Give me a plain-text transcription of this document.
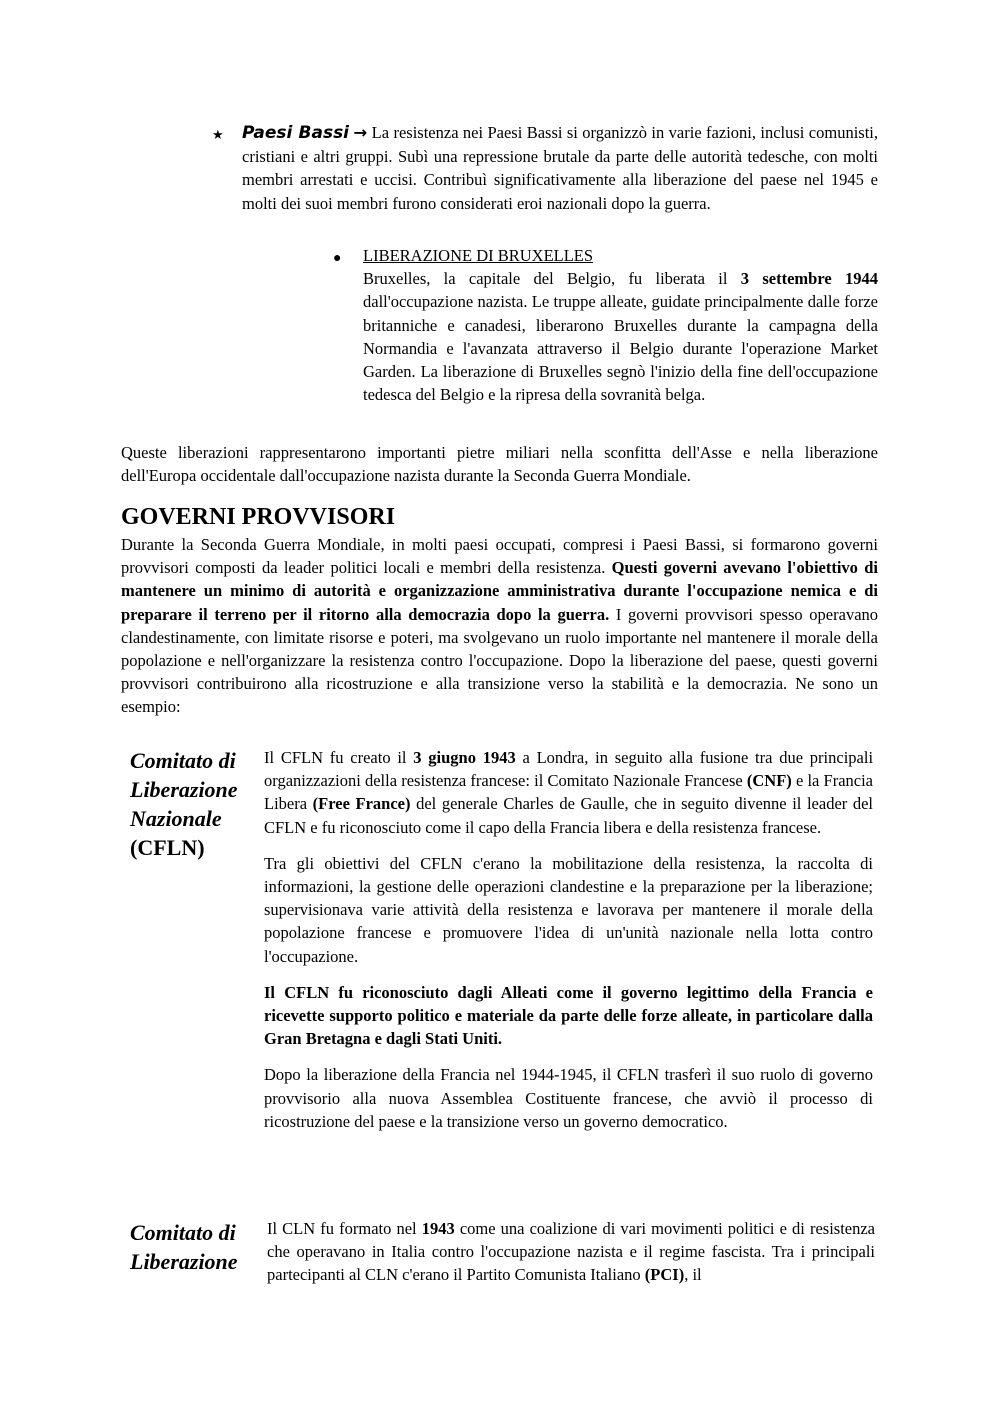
★ Paesi Bassi → La resistenza nei Paesi Bassi si organizzò in varie fazioni, inclusi comunisti, cristiani e altri gruppi. Subì una repressione brutale da parte delle autorità tedesche, con molti membri arrestati e uccisi. Contribuì significativamente alla liberazione del paese nel 1945 e molti dei suoi membri furono considerati eroi nazionali dopo la guerra.
● LIBERAZIONE DI BRUXELLES
Bruxelles, la capitale del Belgio, fu liberata il 3 settembre 1944 dall'occupazione nazista. Le truppe alleate, guidate principalmente dalle forze britanniche e canadesi, liberarono Bruxelles durante la campagna della Normandia e l'avanzata attraverso il Belgio durante l'operazione Market Garden. La liberazione di Bruxelles segnò l'inizio della fine dell'occupazione tedesca del Belgio e la ripresa della sovranità belga.
Queste liberazioni rappresentarono importanti pietre miliari nella sconfitta dell'Asse e nella liberazione dell'Europa occidentale dall'occupazione nazista durante la Seconda Guerra Mondiale.
GOVERNI PROVVISORI
Durante la Seconda Guerra Mondiale, in molti paesi occupati, compresi i Paesi Bassi, si formarono governi provvisori composti da leader politici locali e membri della resistenza. Questi governi avevano l'obiettivo di mantenere un minimo di autorità e organizzazione amministrativa durante l'occupazione nemica e di preparare il terreno per il ritorno alla democrazia dopo la guerra. I governi provvisori spesso operavano clandestinamente, con limitate risorse e poteri, ma svolgevano un ruolo importante nel mantenere il morale della popolazione e nell'organizzare la resistenza contro l'occupazione. Dopo la liberazione del paese, questi governi provvisori contribuirono alla ricostruzione e alla transizione verso la stabilità e la democrazia. Ne sono un esempio:
Comitato di
Liberazione
Nazionale
(CFLN)

Il CFLN fu creato il 3 giugno 1943 a Londra, in seguito alla fusione tra due principali organizzazioni della resistenza francese: il Comitato Nazionale Francese (CNF) e la Francia Libera (Free France) del generale Charles de Gaulle, che in seguito divenne il leader del CFLN e fu riconosciuto come il capo della Francia libera e della resistenza francese.

Tra gli obiettivi del CFLN c'erano la mobilitazione della resistenza, la raccolta di informazioni, la gestione delle operazioni clandestine e la preparazione per la liberazione; supervisionava varie attività della resistenza e lavorava per mantenere il morale della popolazione francese e promuovere l'idea di un'unità nazionale nella lotta contro l'occupazione.

Il CFLN fu riconosciuto dagli Alleati come il governo legittimo della Francia e ricevette supporto politico e materiale da parte delle forze alleate, in particolare dalla Gran Bretagna e dagli Stati Uniti.

Dopo la liberazione della Francia nel 1944-1945, il CFLN trasferì il suo ruolo di governo provvisorio alla nuova Assemblea Costituente francese, che avviò il processo di ricostruzione del paese e la transizione verso un governo democratico.

Comitato di
Liberazione

Il CLN fu formato nel 1943 come una coalizione di vari movimenti politici e di resistenza che operavano in Italia contro l'occupazione nazista e il regime fascista. Tra i principali partecipanti al CLN c'erano il Partito Comunista Italiano (PCI), il
